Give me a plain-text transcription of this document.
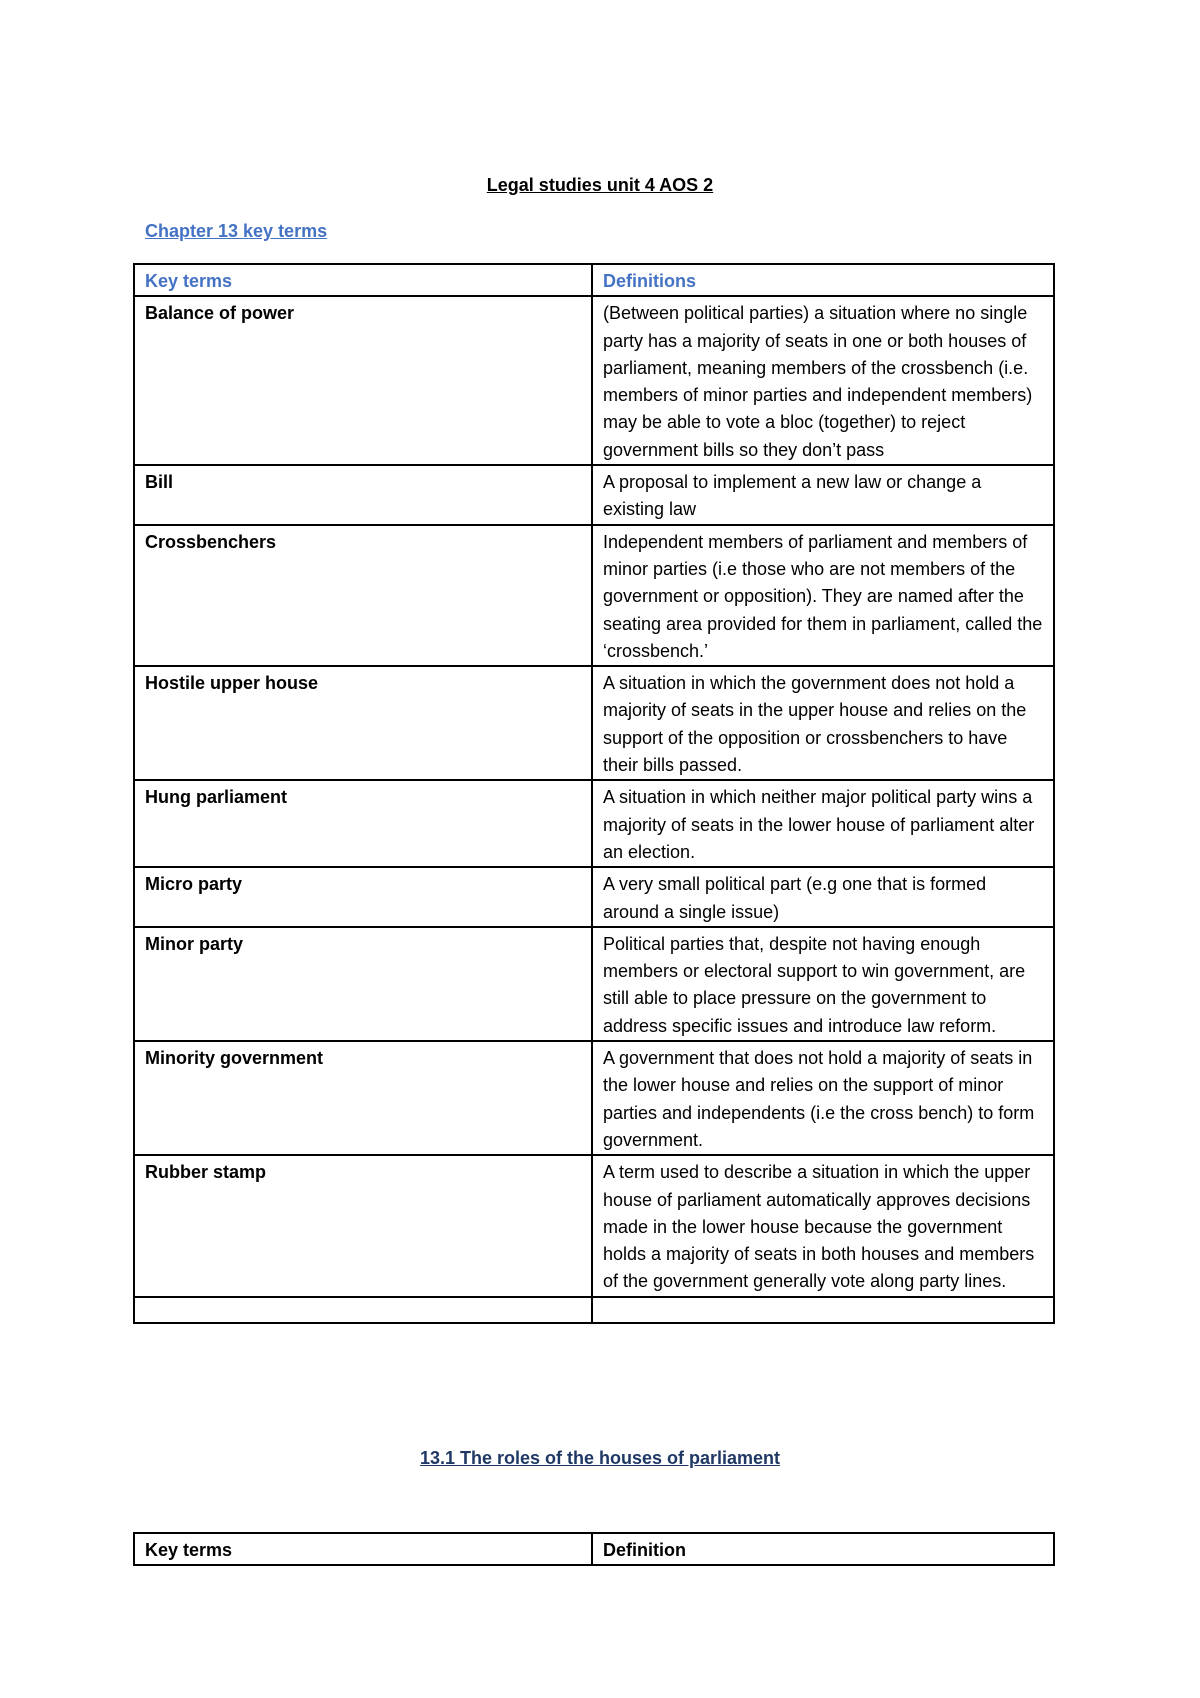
Legal studies unit 4 AOS 2
Chapter 13 key terms
Key terms	Definitions
Balance of power	(Between political parties) a situation where no single party has a majority of seats in one or both houses of parliament, meaning members of the crossbench (i.e. members of minor parties and independent members) may be able to vote a bloc (together) to reject government bills so they don’t pass
Bill	A proposal to implement a new law or change a existing law
Crossbenchers	Independent members of parliament and members of minor parties (i.e those who are not members of the government or opposition). They are named after the seating area provided for them in parliament, called the ‘crossbench.’
Hostile upper house	A situation in which the government does not hold a majority of seats in the upper house and relies on the support of the opposition or crossbenchers to have their bills passed.
Hung parliament	A situation in which neither major political party wins a majority of seats in the lower house of parliament alter an election.
Micro party	A very small political part (e.g one that is formed around a single issue)
Minor party	Political parties that, despite not having enough members or electoral support to win government, are still able to place pressure on the government to address specific issues and introduce law reform.
Minority government	A government that does not hold a majority of seats in the lower house and relies on the support of minor parties and independents (i.e the cross bench) to form government.
Rubber stamp	A term used to describe a situation in which the upper house of parliament automatically approves decisions made in the lower house because the government holds a majority of seats in both houses and members of the government generally vote along party lines.

13.1 The roles of the houses of parliament
Key terms	Definition
